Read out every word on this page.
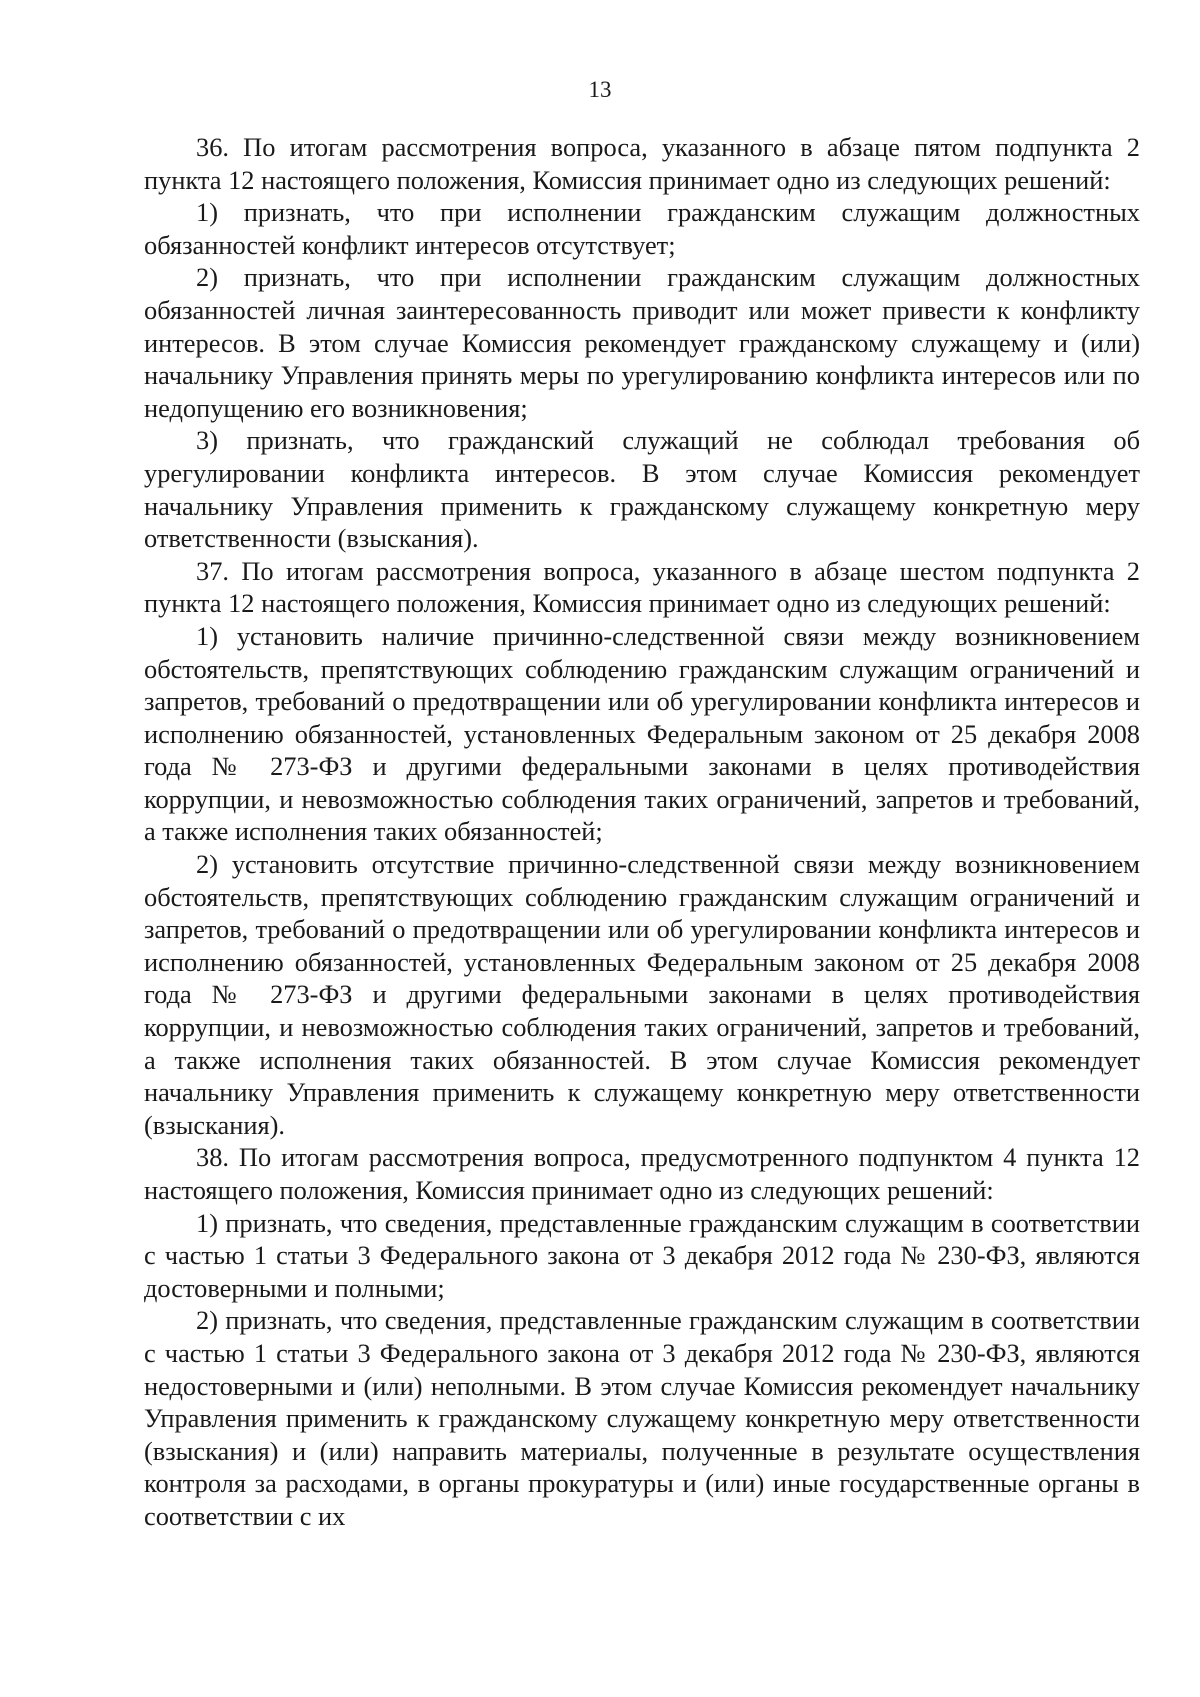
13

36. По итогам рассмотрения вопроса, указанного в абзаце пятом подпункта 2 пункта 12 настоящего положения, Комиссия принимает одно из следующих решений:

1) признать, что при исполнении гражданским служащим должностных обязанностей конфликт интересов отсутствует;

2) признать, что при исполнении гражданским служащим должностных обязанностей личная заинтересованность приводит или может привести к конфликту интересов. В этом случае Комиссия рекомендует гражданскому служащему и (или) начальнику Управления принять меры по урегулированию конфликта интересов или по недопущению его возникновения;

3) признать, что гражданский служащий не соблюдал требования об урегулировании конфликта интересов. В этом случае Комиссия рекомендует начальнику Управления применить к гражданскому служащему конкретную меру ответственности (взыскания).

37. По итогам рассмотрения вопроса, указанного в абзаце шестом подпункта 2 пункта 12 настоящего положения, Комиссия принимает одно из следующих решений:

1) установить наличие причинно-следственной связи между возникновением обстоятельств, препятствующих соблюдению гражданским служащим ограничений и запретов, требований о предотвращении или об урегулировании конфликта интересов и исполнению обязанностей, установленных Федеральным законом от 25 декабря 2008 года № 273-ФЗ и другими федеральными законами в целях противодействия коррупции, и невозможностью соблюдения таких ограничений, запретов и требований, а также исполнения таких обязанностей;

2) установить отсутствие причинно-следственной связи между возникновением обстоятельств, препятствующих соблюдению гражданским служащим ограничений и запретов, требований о предотвращении или об урегулировании конфликта интересов и исполнению обязанностей, установленных Федеральным законом от 25 декабря 2008 года № 273-ФЗ и другими федеральными законами в целях противодействия коррупции, и невозможностью соблюдения таких ограничений, запретов и требований, а также исполнения таких обязанностей. В этом случае Комиссия рекомендует начальнику Управления применить к служащему конкретную меру ответственности (взыскания).

38. По итогам рассмотрения вопроса, предусмотренного подпунктом 4 пункта 12 настоящего положения, Комиссия принимает одно из следующих решений:

1) признать, что сведения, представленные гражданским служащим в соответствии с частью 1 статьи 3 Федерального закона от 3 декабря 2012 года № 230-ФЗ, являются достоверными и полными;

2) признать, что сведения, представленные гражданским служащим в соответствии с частью 1 статьи 3 Федерального закона от 3 декабря 2012 года № 230-ФЗ, являются недостоверными и (или) неполными. В этом случае Комиссия рекомендует начальнику Управления применить к гражданскому служащему конкретную меру ответственности (взыскания) и (или) направить материалы, полученные в результате осуществления контроля за расходами, в органы прокуратуры и (или) иные государственные органы в соответствии с их
